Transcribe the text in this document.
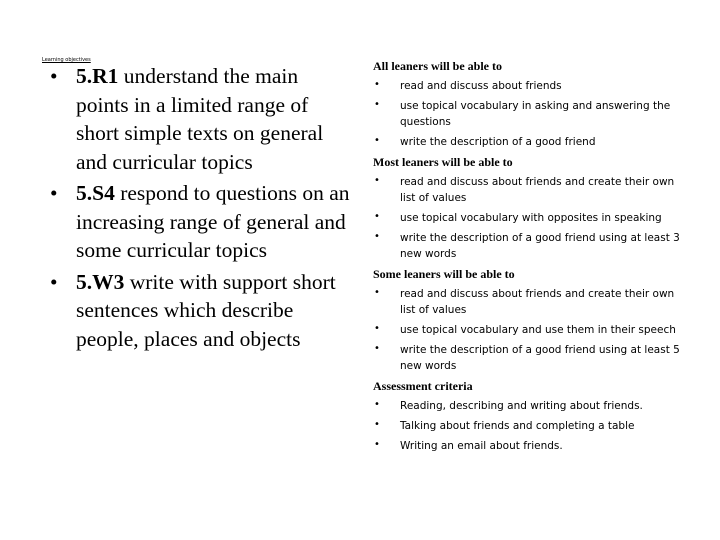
Learning objectives
• 5.R1 understand the main points in a limited range of short simple texts on general and curricular topics
• 5.S4 respond to questions on an increasing range of general and some curricular topics
• 5.W3 write with support short sentences which describe people, places and objects
All leaners will be able to
• read and discuss about friends
• use topical vocabulary in asking and answering the questions
• write the description of a good friend
Most leaners will be able to
• read and discuss about friends and create their own list of values
• use topical vocabulary with opposites in speaking
• write the description of a good friend using at least 3 new words
Some leaners will be able to
• read and discuss about friends and create their own list of values
• use topical vocabulary and use them in their speech
• write the description of a good friend using at least 5 new words
Assessment criteria
• Reading, describing and writing about friends.
• Talking about friends and completing a table
• Writing an email about friends.
